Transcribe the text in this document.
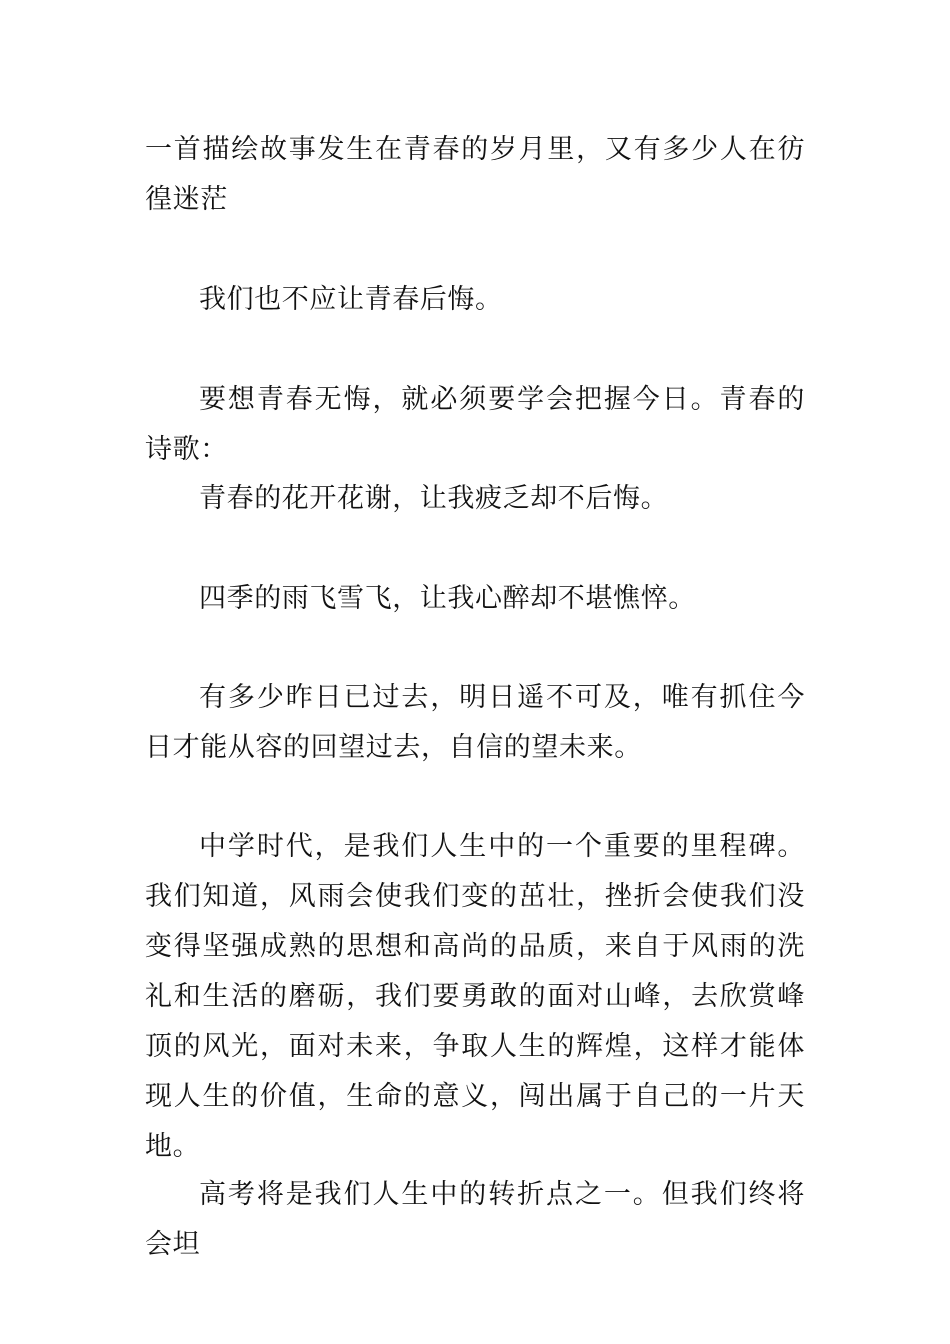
一首描绘故事发生在青春的岁月里，又有多少人在彷徨迷茫

我们也不应让青春后悔。

要想青春无悔，就必须要学会把握今日。青春的诗歌：

青春的花开花谢，让我疲乏却不后悔。

四季的雨飞雪飞，让我心醉却不堪憔悴。

有多少昨日已过去，明日遥不可及，唯有抓住今日才能从容的回望过去，自信的望未来。

中学时代，是我们人生中的一个重要的里程碑。我们知道，风雨会使我们变的茁壮，挫折会使我们没变得坚强成熟的思想和高尚的品质，来自于风雨的洗礼和生活的磨砺，我们要勇敢的面对山峰，去欣赏峰顶的风光，面对未来，争取人生的辉煌，这样才能体现人生的价值，生命的意义，闯出属于自己的一片天地。

高考将是我们人生中的转折点之一。但我们终将会坦
